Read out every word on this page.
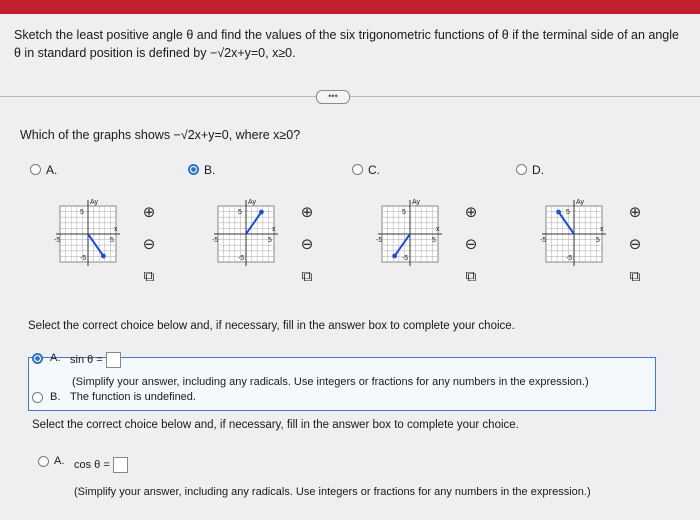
Sketch the least positive angle θ and find the values of the six trigonometric functions of θ if the terminal side of an angle
θ in standard position is defined by −√2x+y=0, x≥0.
•••
Which of the graphs shows −√2x+y=0, where x≥0?
Select the correct choice below and, if necessary, fill in the answer box to complete your choice.
A. sin θ =
(Simplify your answer, including any radicals. Use integers or fractions for any numbers in the expression.)
B. The function is undefined.
Select the correct choice below and, if necessary, fill in the answer box to complete your choice.
A. cos θ =
(Simplify your answer, including any radicals. Use integers or fractions for any numbers in the expression.)
A.
Ay
x
5
5
-5
-5
⊕
⊖
⧉
B.
Ay
x
5
5
-5
-5
⊕
⊖
⧉
C.
Ay
x
5
5
-5
-5
⊕
⊖
⧉
D.
Ay
x
5
5
-5
-5
⊕
⊖
⧉
